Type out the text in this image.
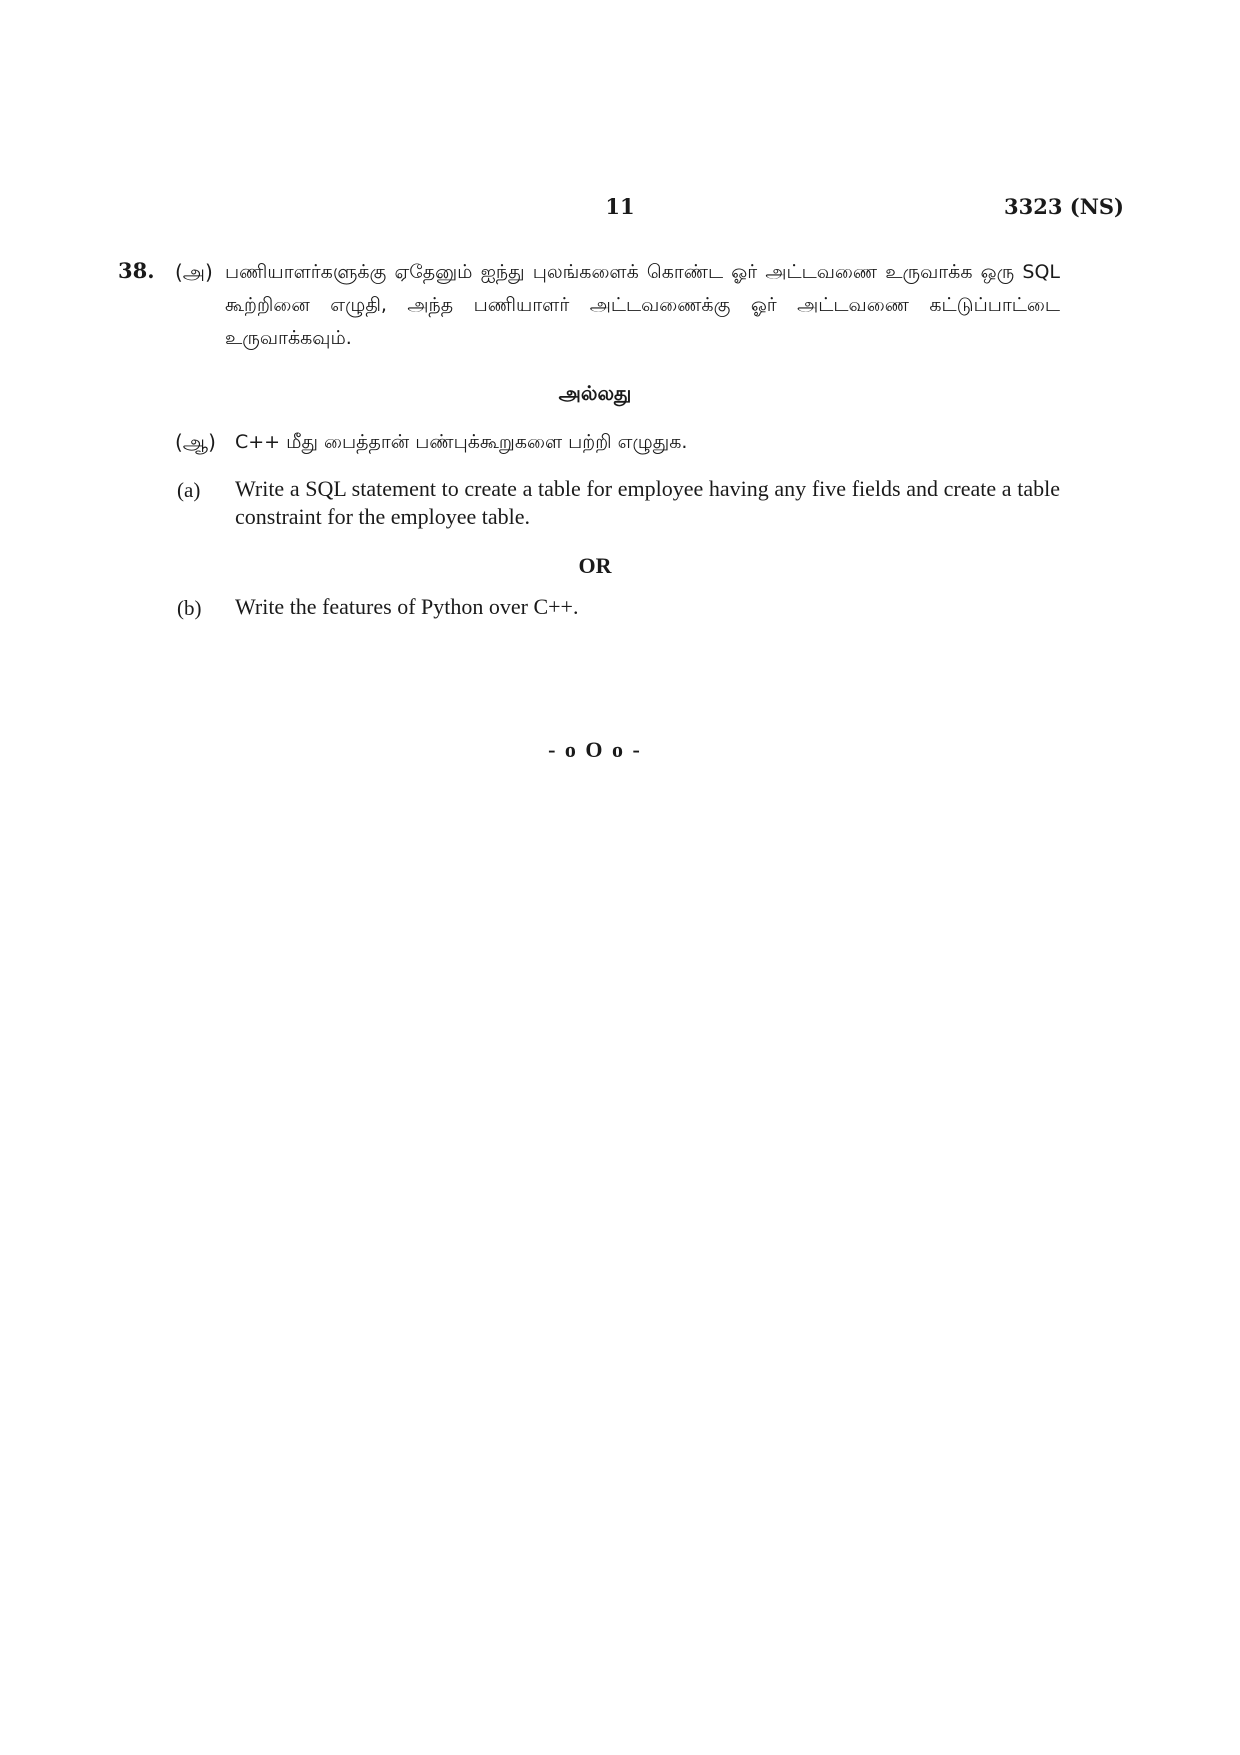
11	3323 (NS)
38. (அ) பணியாளர்களுக்கு ஏதேனும் ஐந்து புலங்களைக் கொண்ட ஓர் அட்டவணை உருவாக்க ஒரு SQL கூற்றினை எழுதி, அந்த பணியாளர் அட்டவணைக்கு ஓர் அட்டவணை கட்டுப்பாட்டை உருவாக்கவும்.
அல்லது
(ஆ) C++ மீது பைத்தான் பண்புக்கூறுகளை பற்றி எழுதுக.
(a) Write a SQL statement to create a table for employee having any five fields and create a table constraint for the employee table.
OR
(b) Write the features of Python over C++.
- o O o -
